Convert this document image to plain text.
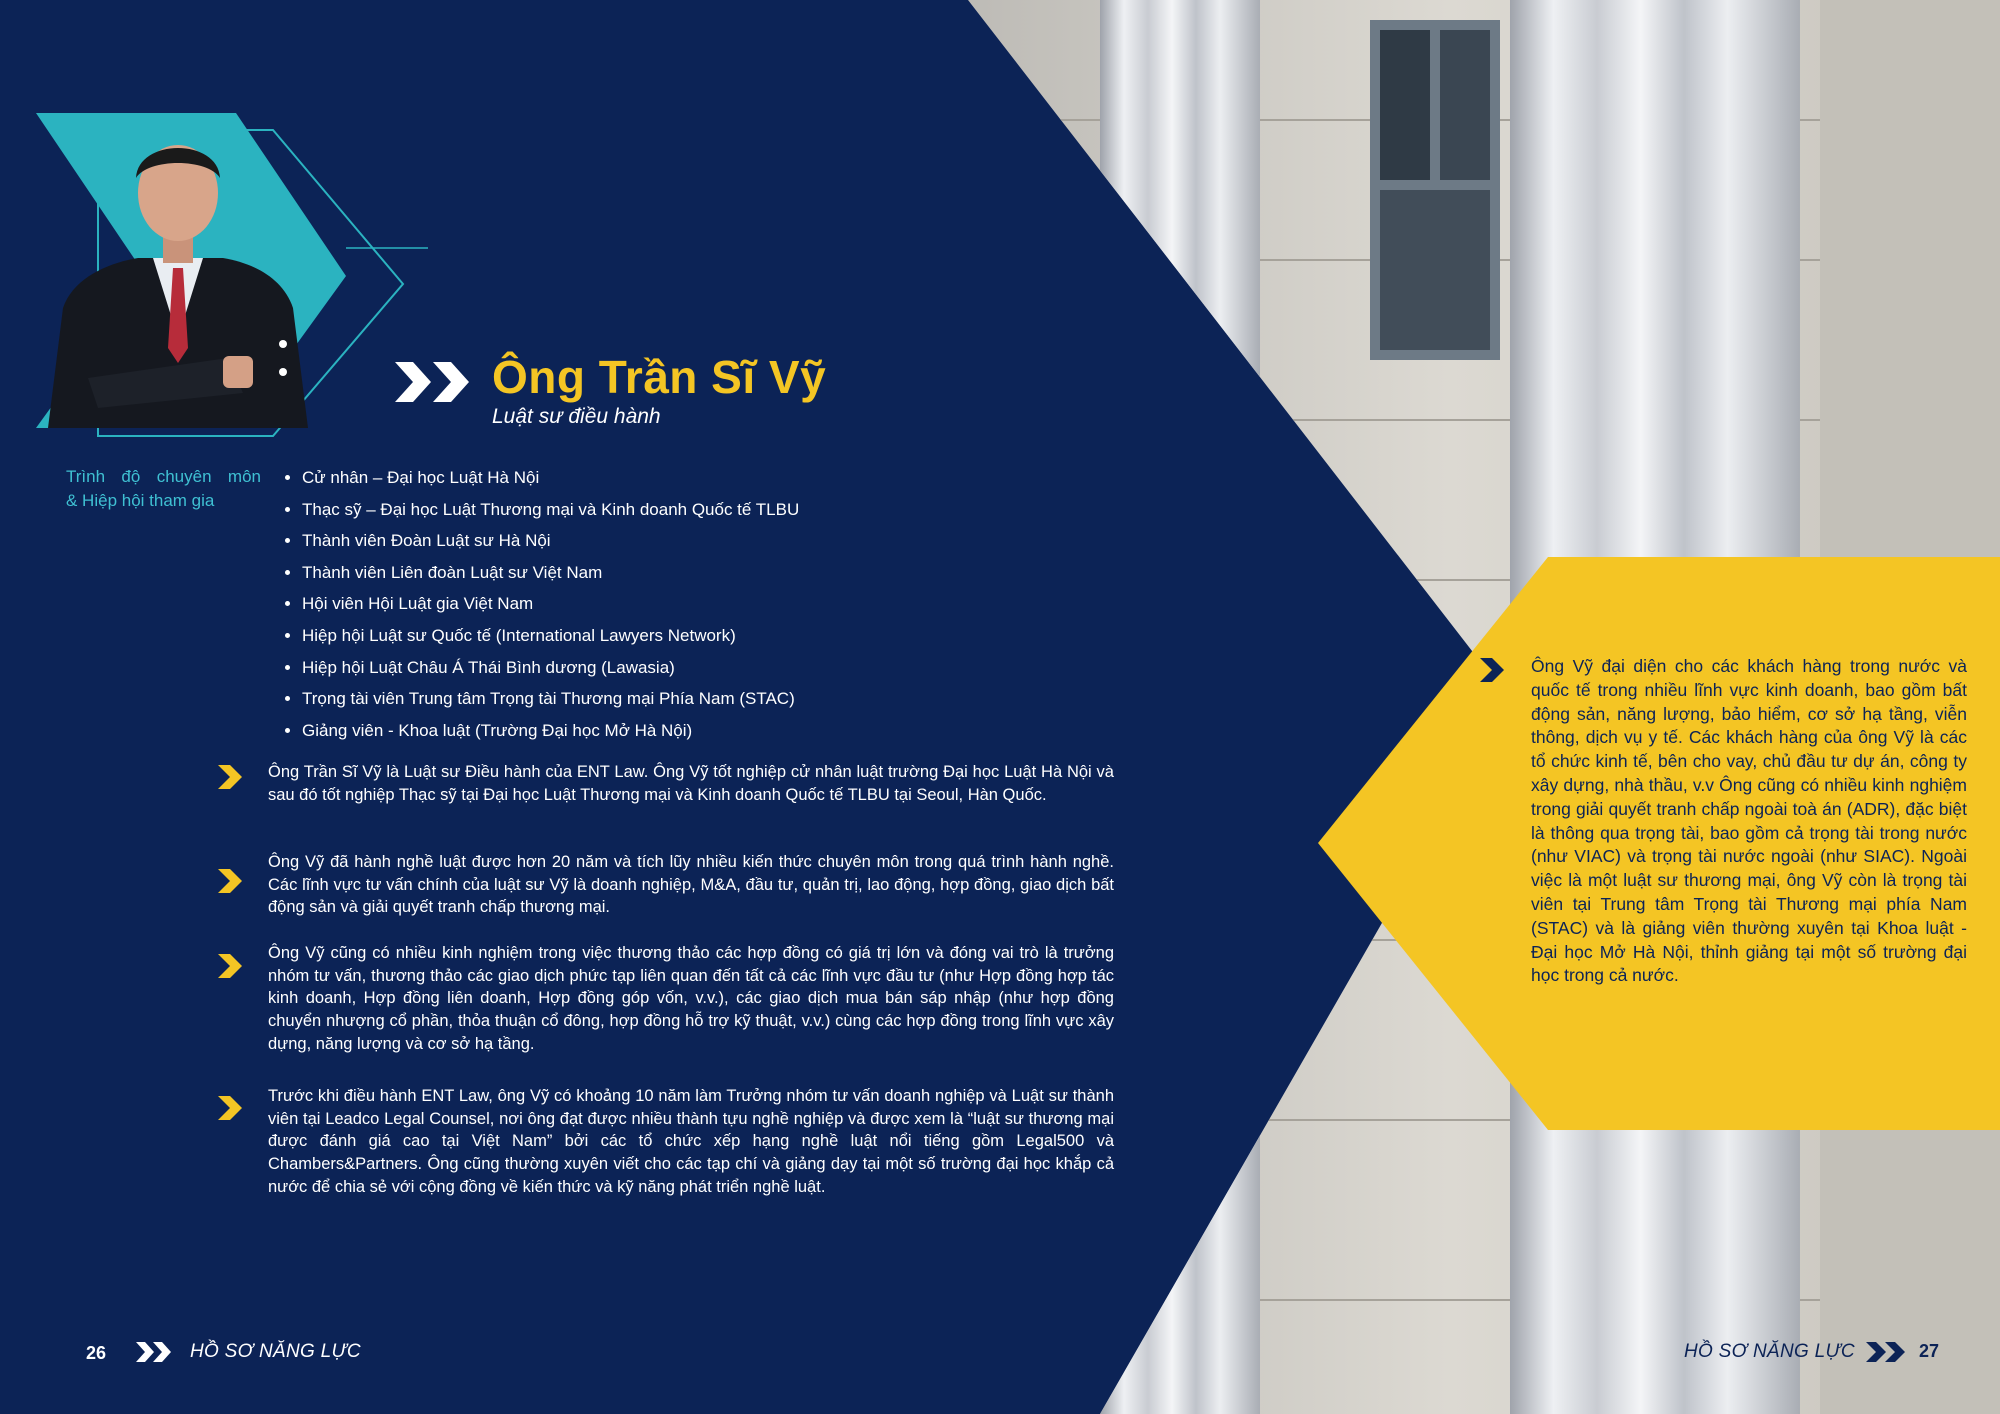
Ông Trần Sĩ Vỹ
Luật sư điều hành
Trình độ chuyên môn
& Hiệp hội tham gia
• Cử nhân – Đại học Luật Hà Nội
• Thạc sỹ – Đại học Luật Thương mại và Kinh doanh Quốc tế TLBU
• Thành viên Đoàn Luật sư Hà Nội
• Thành viên Liên đoàn Luật sư Việt Nam
• Hội viên Hội Luật gia Việt Nam
• Hiệp hội Luật sư Quốc tế (International Lawyers Network)
• Hiệp hội Luật Châu Á Thái Bình dương (Lawasia)
• Trọng tài viên Trung tâm Trọng tài Thương mại Phía Nam (STAC)
• Giảng viên - Khoa luật (Trường Đại học Mở Hà Nội)

Ông Trần Sĩ Vỹ là Luật sư Điều hành của ENT Law. Ông Vỹ tốt nghiệp cử nhân luật trường Đại học Luật Hà Nội và sau đó tốt nghiệp Thạc sỹ tại Đại học Luật Thương mại và Kinh doanh Quốc tế TLBU tại Seoul, Hàn Quốc.

Ông Vỹ đã hành nghề luật được hơn 20 năm và tích lũy nhiều kiến thức chuyên môn trong quá trình hành nghề. Các lĩnh vực tư vấn chính của luật sư Vỹ là doanh nghiệp, M&A, đầu tư, quản trị, lao động, hợp đồng, giao dịch bất động sản và giải quyết tranh chấp thương mại.

Ông Vỹ cũng có nhiều kinh nghiệm trong việc thương thảo các hợp đồng có giá trị lớn và đóng vai trò là trưởng nhóm tư vấn, thương thảo các giao dịch phức tạp liên quan đến tất cả các lĩnh vực đầu tư (như Hợp đồng hợp tác kinh doanh, Hợp đồng liên doanh, Hợp đồng góp vốn, v.v.), các giao dịch mua bán sáp nhập (như hợp đồng chuyển nhượng cổ phần, thỏa thuận cổ đông, hợp đồng hỗ trợ kỹ thuật, v.v.) cùng các hợp đồng trong lĩnh vực xây dựng, năng lượng và cơ sở hạ tầng.

Trước khi điều hành ENT Law, ông Vỹ có khoảng 10 năm làm Trưởng nhóm tư vấn doanh nghiệp và Luật sư thành viên tại Leadco Legal Counsel, nơi ông đạt được nhiều thành tựu nghề nghiệp và được xem là “luật sư thương mại được đánh giá cao tại Việt Nam” bởi các tổ chức xếp hạng nghề luật nổi tiếng gồm Legal500 và Chambers&Partners. Ông cũng thường xuyên viết cho các tạp chí và giảng dạy tại một số trường đại học khắp cả nước để chia sẻ với cộng đồng về kiến thức và kỹ năng phát triển nghề luật.

Ông Vỹ đại diện cho các khách hàng trong nước và quốc tế trong nhiều lĩnh vực kinh doanh, bao gồm bất động sản, năng lượng, bảo hiểm, cơ sở hạ tầng, viễn thông, dịch vụ y tế. Các khách hàng của ông Vỹ là các tổ chức kinh tế, bên cho vay, chủ đầu tư dự án, công ty xây dựng, nhà thầu, v.v Ông cũng có nhiều kinh nghiệm trong giải quyết tranh chấp ngoài toà án (ADR), đặc biệt là thông qua trọng tài, bao gồm cả trọng tài trong nước (như VIAC) và trọng tài nước ngoài (như SIAC). Ngoài việc là một luật sư thương mại, ông Vỹ còn là trọng tài viên tại Trung tâm Trọng tài Thương mại phía Nam (STAC) và là giảng viên thường xuyên tại Khoa luật - Đại học Mở Hà Nội, thỉnh giảng tại một số trường đại học trong cả nước.

26	HỒ SƠ NĂNG LỰC	HỒ SƠ NĂNG LỰC	27
